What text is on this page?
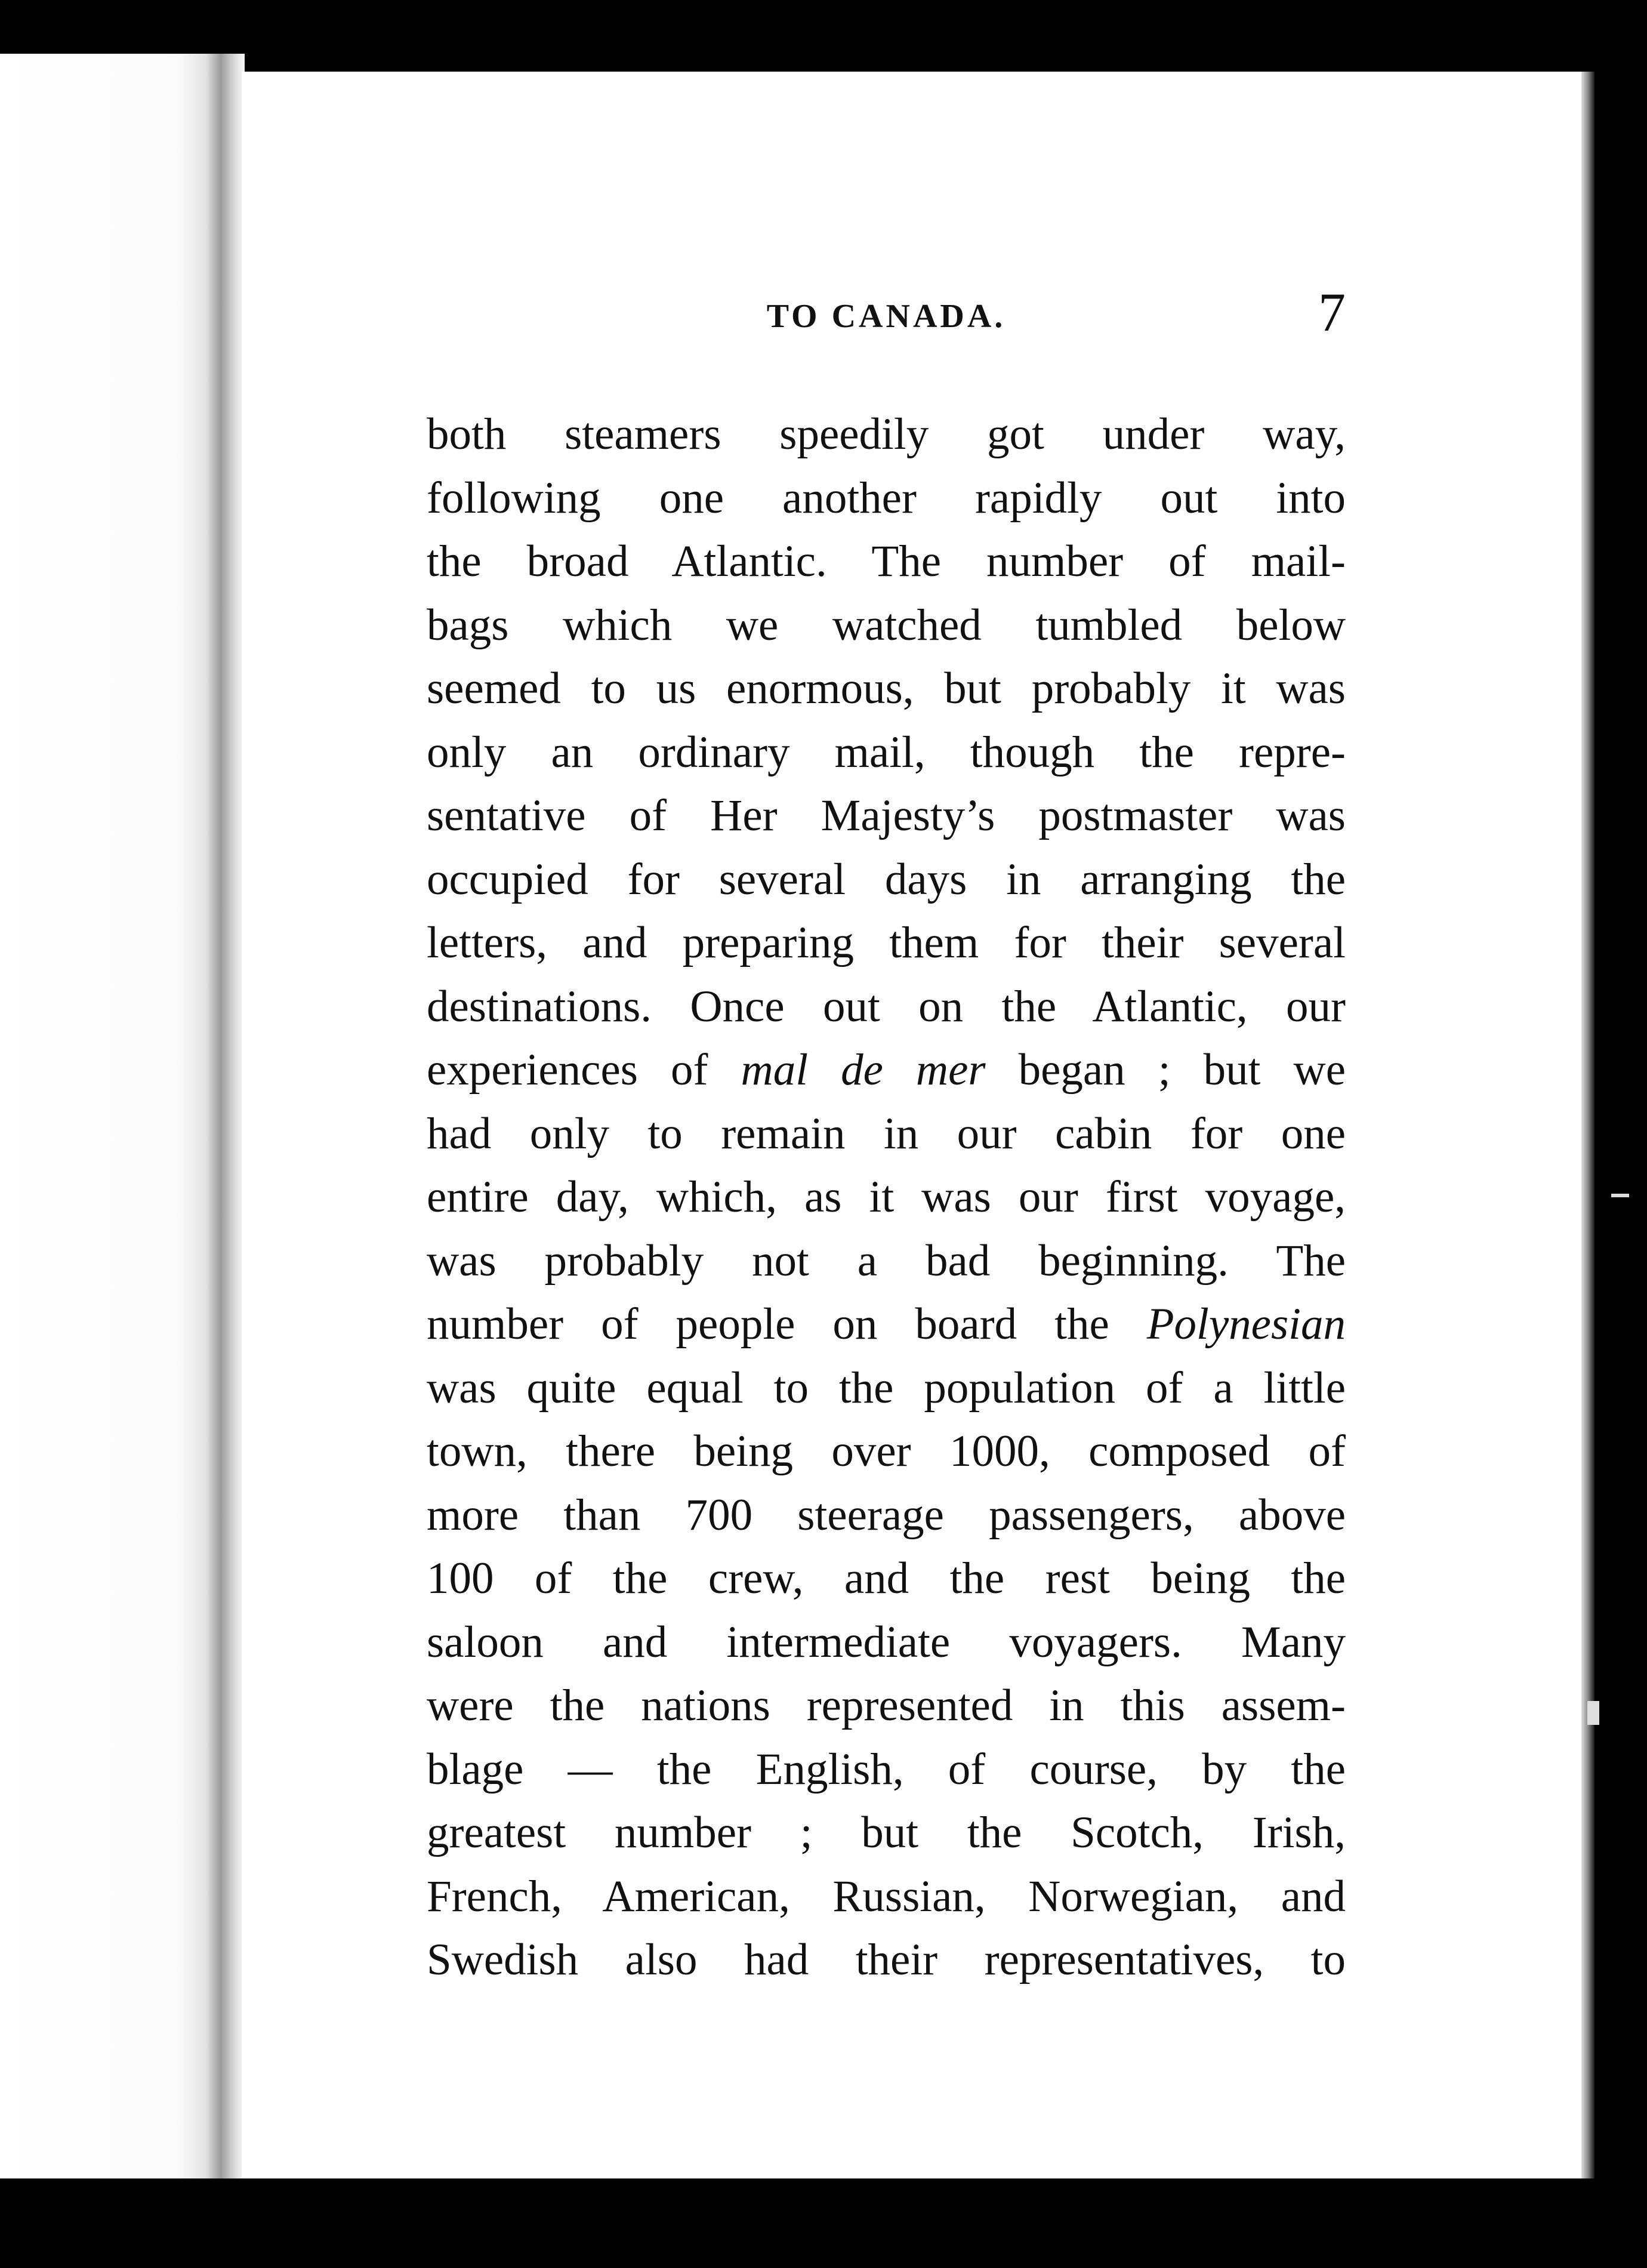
TO CANADA.	7
both steamers speedily got under way,
following one another rapidly out into
the broad Atlantic. The number of mail-
bags which we watched tumbled below
seemed to us enormous, but probably it was
only an ordinary mail, though the repre-
sentative of Her Majesty’s postmaster was
occupied for several days in arranging the
letters, and preparing them for their several
destinations. Once out on the Atlantic, our
experiences of mal de mer began ; but we
had only to remain in our cabin for one
entire day, which, as it was our first voyage,
was probably not a bad beginning. The
number of people on board the Polynesian
was quite equal to the population of a little
town, there being over 1000, composed of
more than 700 steerage passengers, above
100 of the crew, and the rest being the
saloon and intermediate voyagers. Many
were the nations represented in this assem-
blage — the English, of course, by the
greatest number ; but the Scotch, Irish,
French, American, Russian, Norwegian, and
Swedish also had their representatives, to
